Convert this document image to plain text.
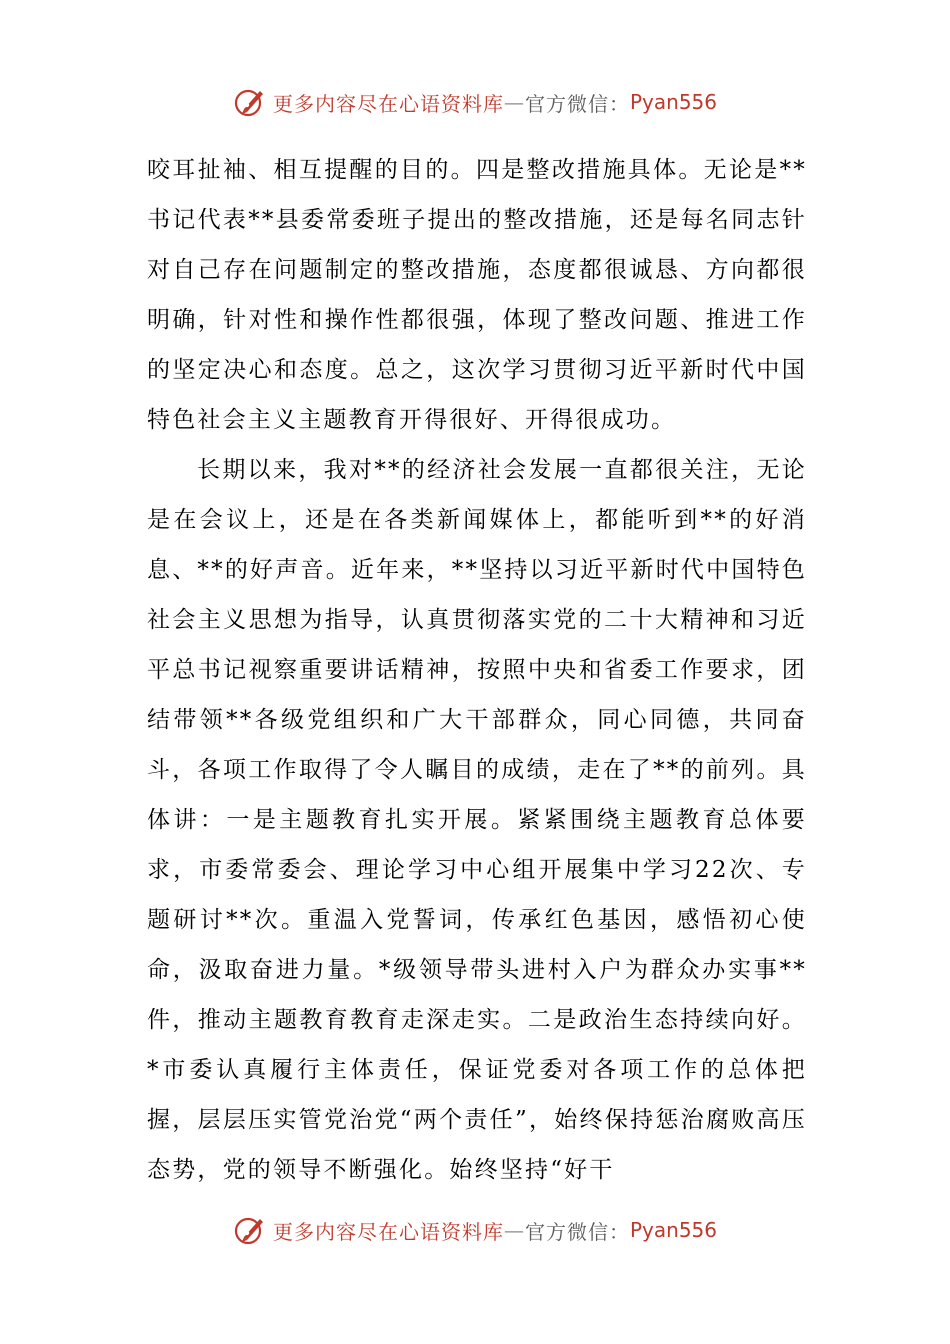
更多内容尽在心语资料库 — 官方微信： Pyan556

咬耳扯袖、相互提醒的目的。四是整改措施具体。无论是**书记代表**县委常委班子提出的整改措施，还是每名同志针对自己存在问题制定的整改措施，态度都很诚恳、方向都很明确，针对性和操作性都很强，体现了整改问题、推进工作的坚定决心和态度。总之，这次学习贯彻习近平新时代中国特色社会主义主题教育开得很好、开得很成功。

长期以来，我对**的经济社会发展一直都很关注，无论是在会议上，还是在各类新闻媒体上，都能听到**的好消息、**的好声音。近年来，**坚持以习近平新时代中国特色社会主义思想为指导，认真贯彻落实党的二十大精神和习近平总书记视察重要讲话精神，按照中央和省委工作要求，团结带领**各级党组织和广大干部群众，同心同德，共同奋斗，各项工作取得了令人瞩目的成绩，走在了**的前列。具体讲：一是主题教育扎实开展。紧紧围绕主题教育总体要求，市委常委会、理论学习中心组开展集中学习22次、专题研讨**次。重温入党誓词，传承红色基因，感悟初心使命，汲取奋进力量。*级领导带头进村入户为群众办实事**件，推动主题教育教育走深走实。二是政治生态持续向好。*市委认真履行主体责任，保证党委对各项工作的总体把握，层层压实管党治党“两个责任”，始终保持惩治腐败高压态势，党的领导不断强化。始终坚持“好干

更多内容尽在心语资料库 — 官方微信： Pyan556
